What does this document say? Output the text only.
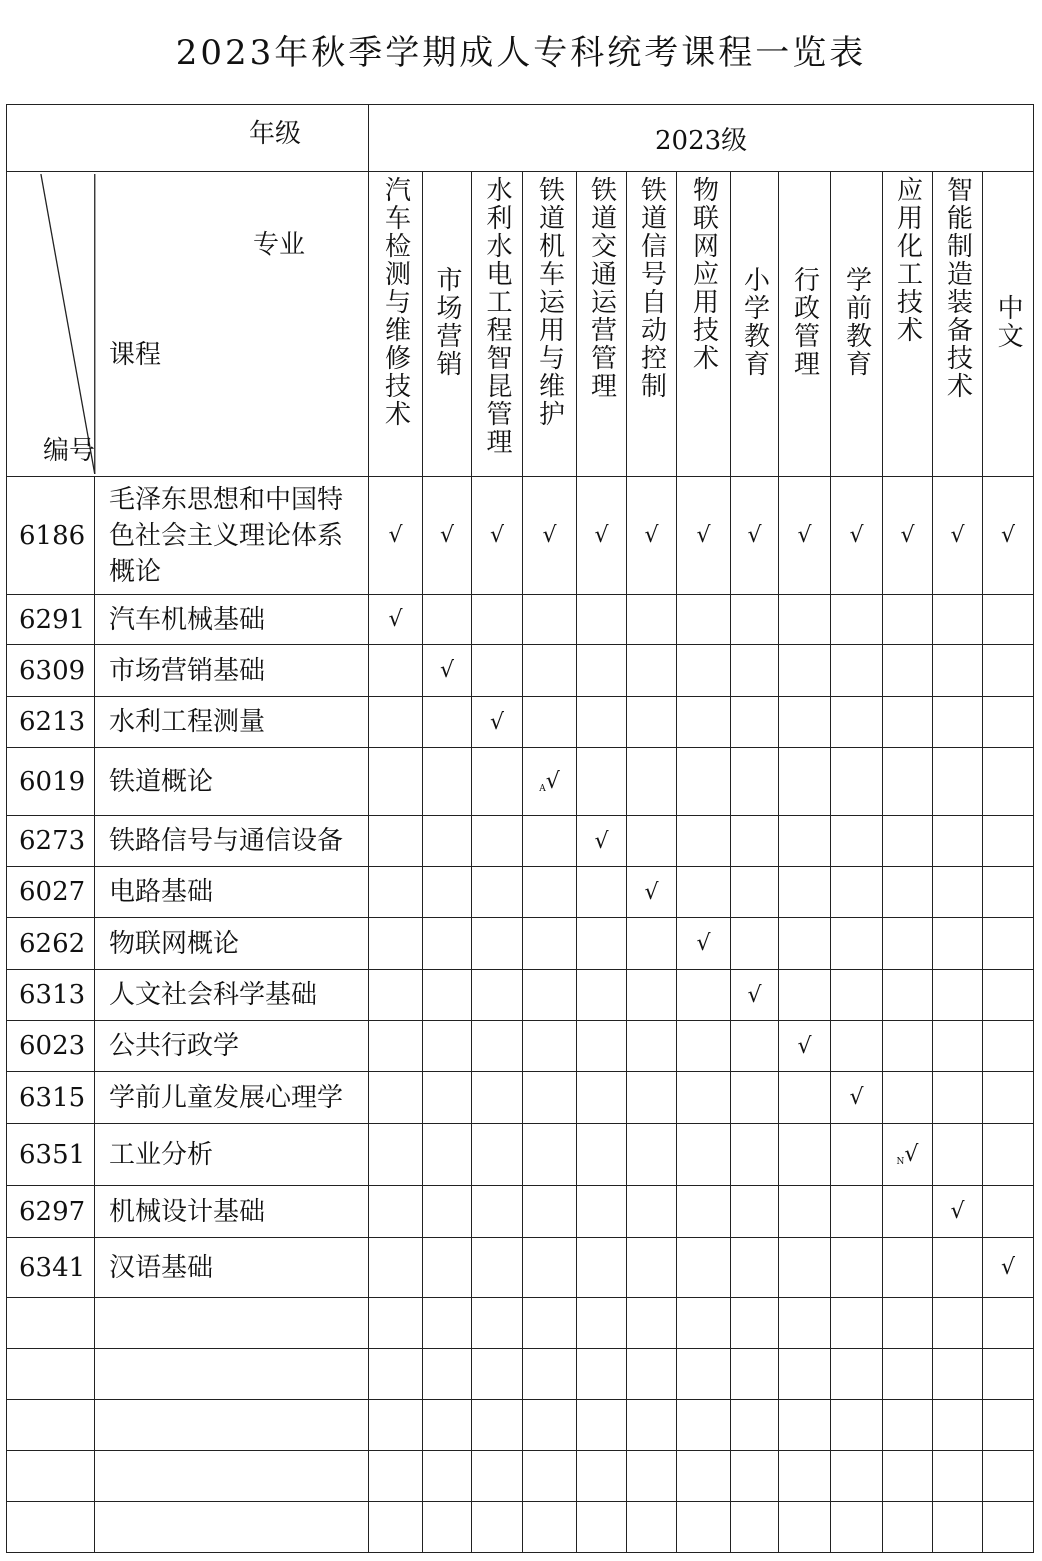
2023年秋季学期成人专科统考课程一览表
年级		2023级												

专业
课程
编号		汽车检测与维修技术	市场营销	水利水电工程智昆管理	铁道机车运用与维护	铁道交通运营管理	铁道信号自动控制	物联网应用技术	小学教育	行政管理	学前教育	应用化工技术	智能制造装备技术	中文
6186	毛泽东思想和中国特色社会主义理论体系概论	√	√	√	√	√	√	√	√	√	√	√	√	√
6291	汽车机械基础	√												
6309	市场营销基础		√											
6213	水利工程测量			√										
6019	铁道概论				A√									
6273	铁路信号与通信设备					√								
6027	电路基础						√							
6262	物联网概论							√						
6313	人文社会科学基础								√					
6023	公共行政学									√				
6315	学前儿童发展心理学										√			
6351	工业分析											N√		
6297	机械设计基础												√	
6341	汉语基础													√
